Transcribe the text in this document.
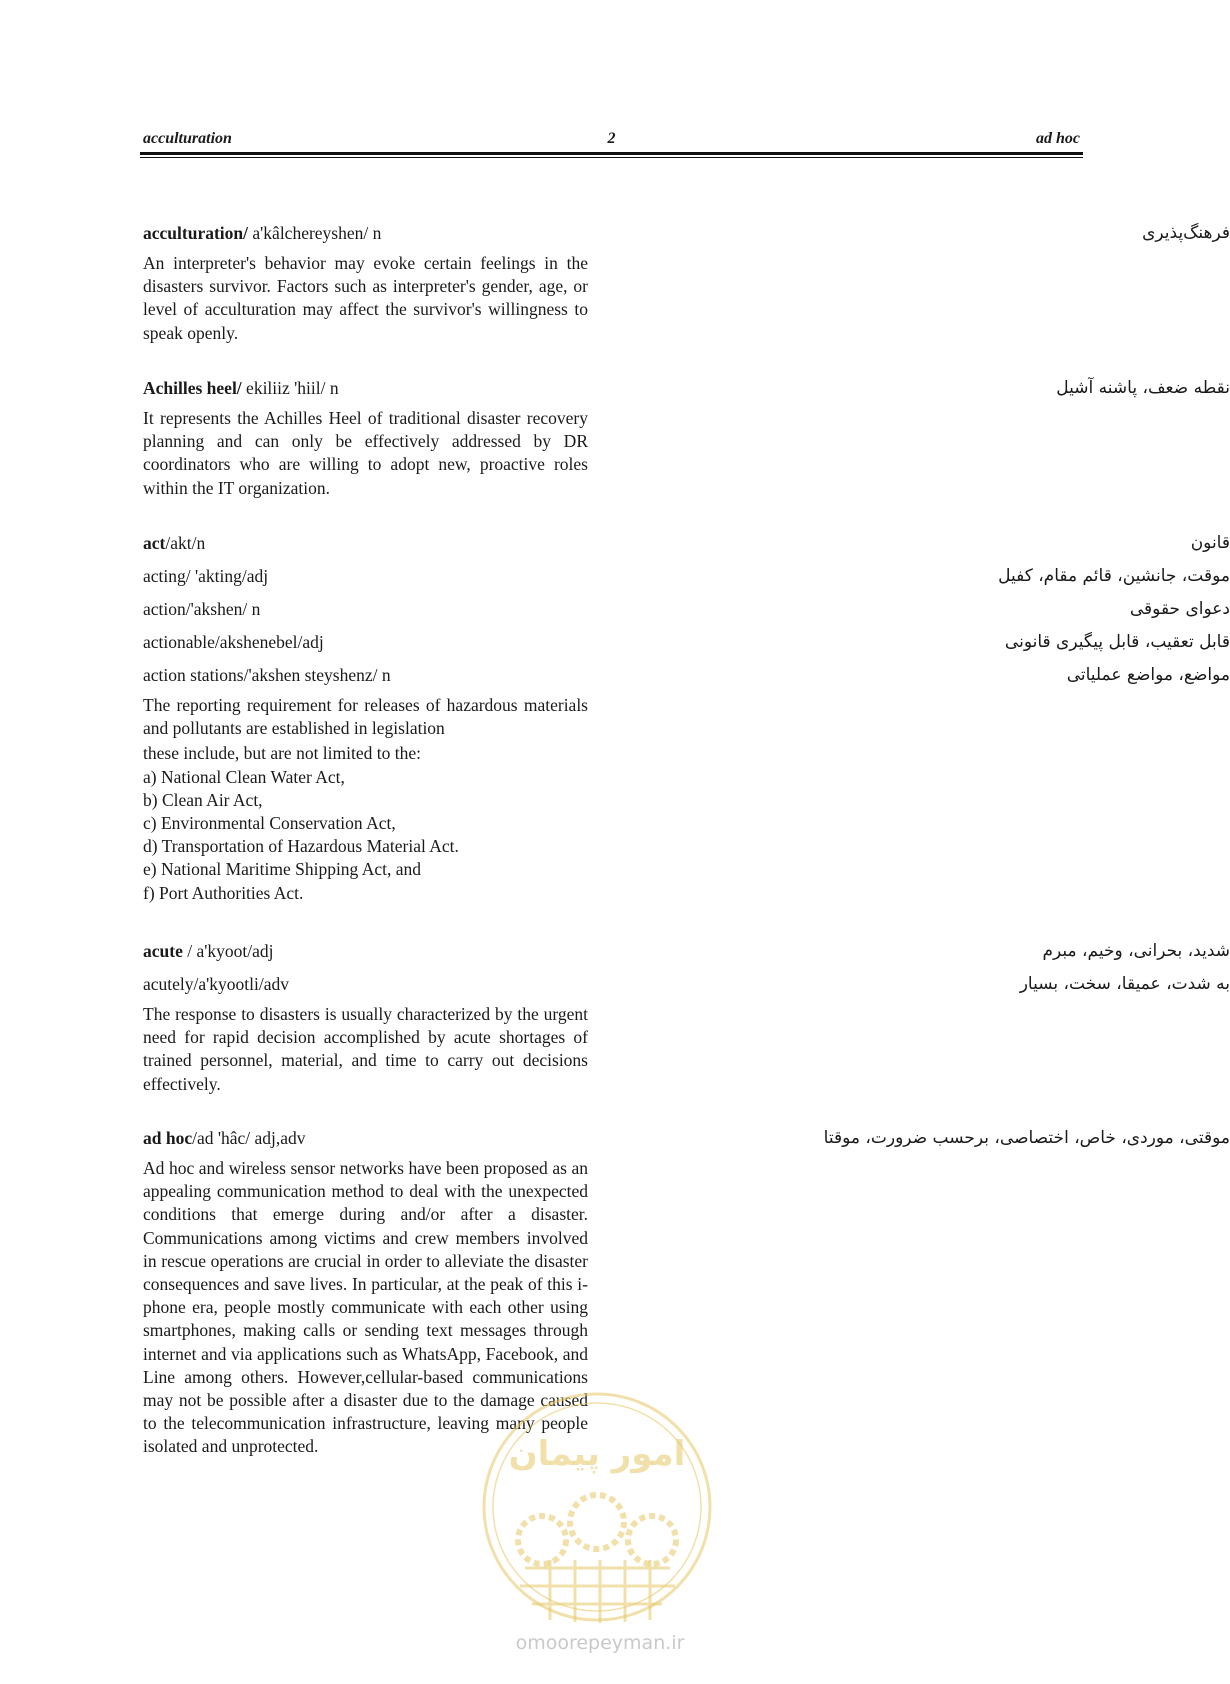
acculturation	2	ad hoc
acculturation/ a'kâlchereyshen/ n	فرهنگ‌پذیری
An interpreter's behavior may evoke certain feelings in the disasters survivor. Factors such as interpreter's gender, age, or level of acculturation may affect the survivor's willingness to speak openly.
Achilles heel/ ekiliiz 'hiil/ n	نقطه ضعف، پاشنه آشیل
It represents the Achilles Heel of traditional disaster recovery planning and can only be effectively addressed by DR coordinators who are willing to adopt new, proactive roles within the IT organization.
act/akt/n	قانون
acting/ 'akting/adj	موقت، جانشین، قائم مقام، کفیل
action/'akshen/ n	دعوای حقوقی
actionable/akshenebel/adj	قابل تعقیب، قابل پیگیری قانونی
action stations/'akshen steyshenz/ n	مواضع، مواضع عملیاتی
The reporting requirement for releases of hazardous materials and pollutants are established in legislation
these include, but are not limited to the:
a) National Clean Water Act,
b) Clean Air Act,
c) Environmental Conservation Act,
d) Transportation of Hazardous Material Act.
e) National Maritime Shipping Act, and
f) Port Authorities Act.
acute / a'kyoot/adj	شدید، بحرانی، وخیم، مبرم
acutely/a'kyootli/adv	به شدت، عمیقا، سخت، بسیار
The response to disasters is usually characterized by the urgent need for rapid decision accomplished by acute shortages of trained personnel, material, and time to carry out decisions effectively.
ad hoc/ad 'hâc/ adj,adv	موقتی، موردی، خاص، اختصاصی، برحسب ضرورت، موقتا
Ad hoc and wireless sensor networks have been proposed as an appealing communication method to deal with the unexpected conditions that emerge during and/or after a disaster. Communications among victims and crew members involved in rescue operations are crucial in order to alleviate the disaster consequences and save lives. In particular, at the peak of this i-phone era, people mostly communicate with each other using smartphones, making calls or sending text messages through internet and via applications such as WhatsApp, Facebook, and Line among others. However,cellular-based communications may not be possible after a disaster due to the damage caused to the telecommunication infrastructure, leaving many people isolated and unprotected.	امور پیمان
omoorepeyman.ir
